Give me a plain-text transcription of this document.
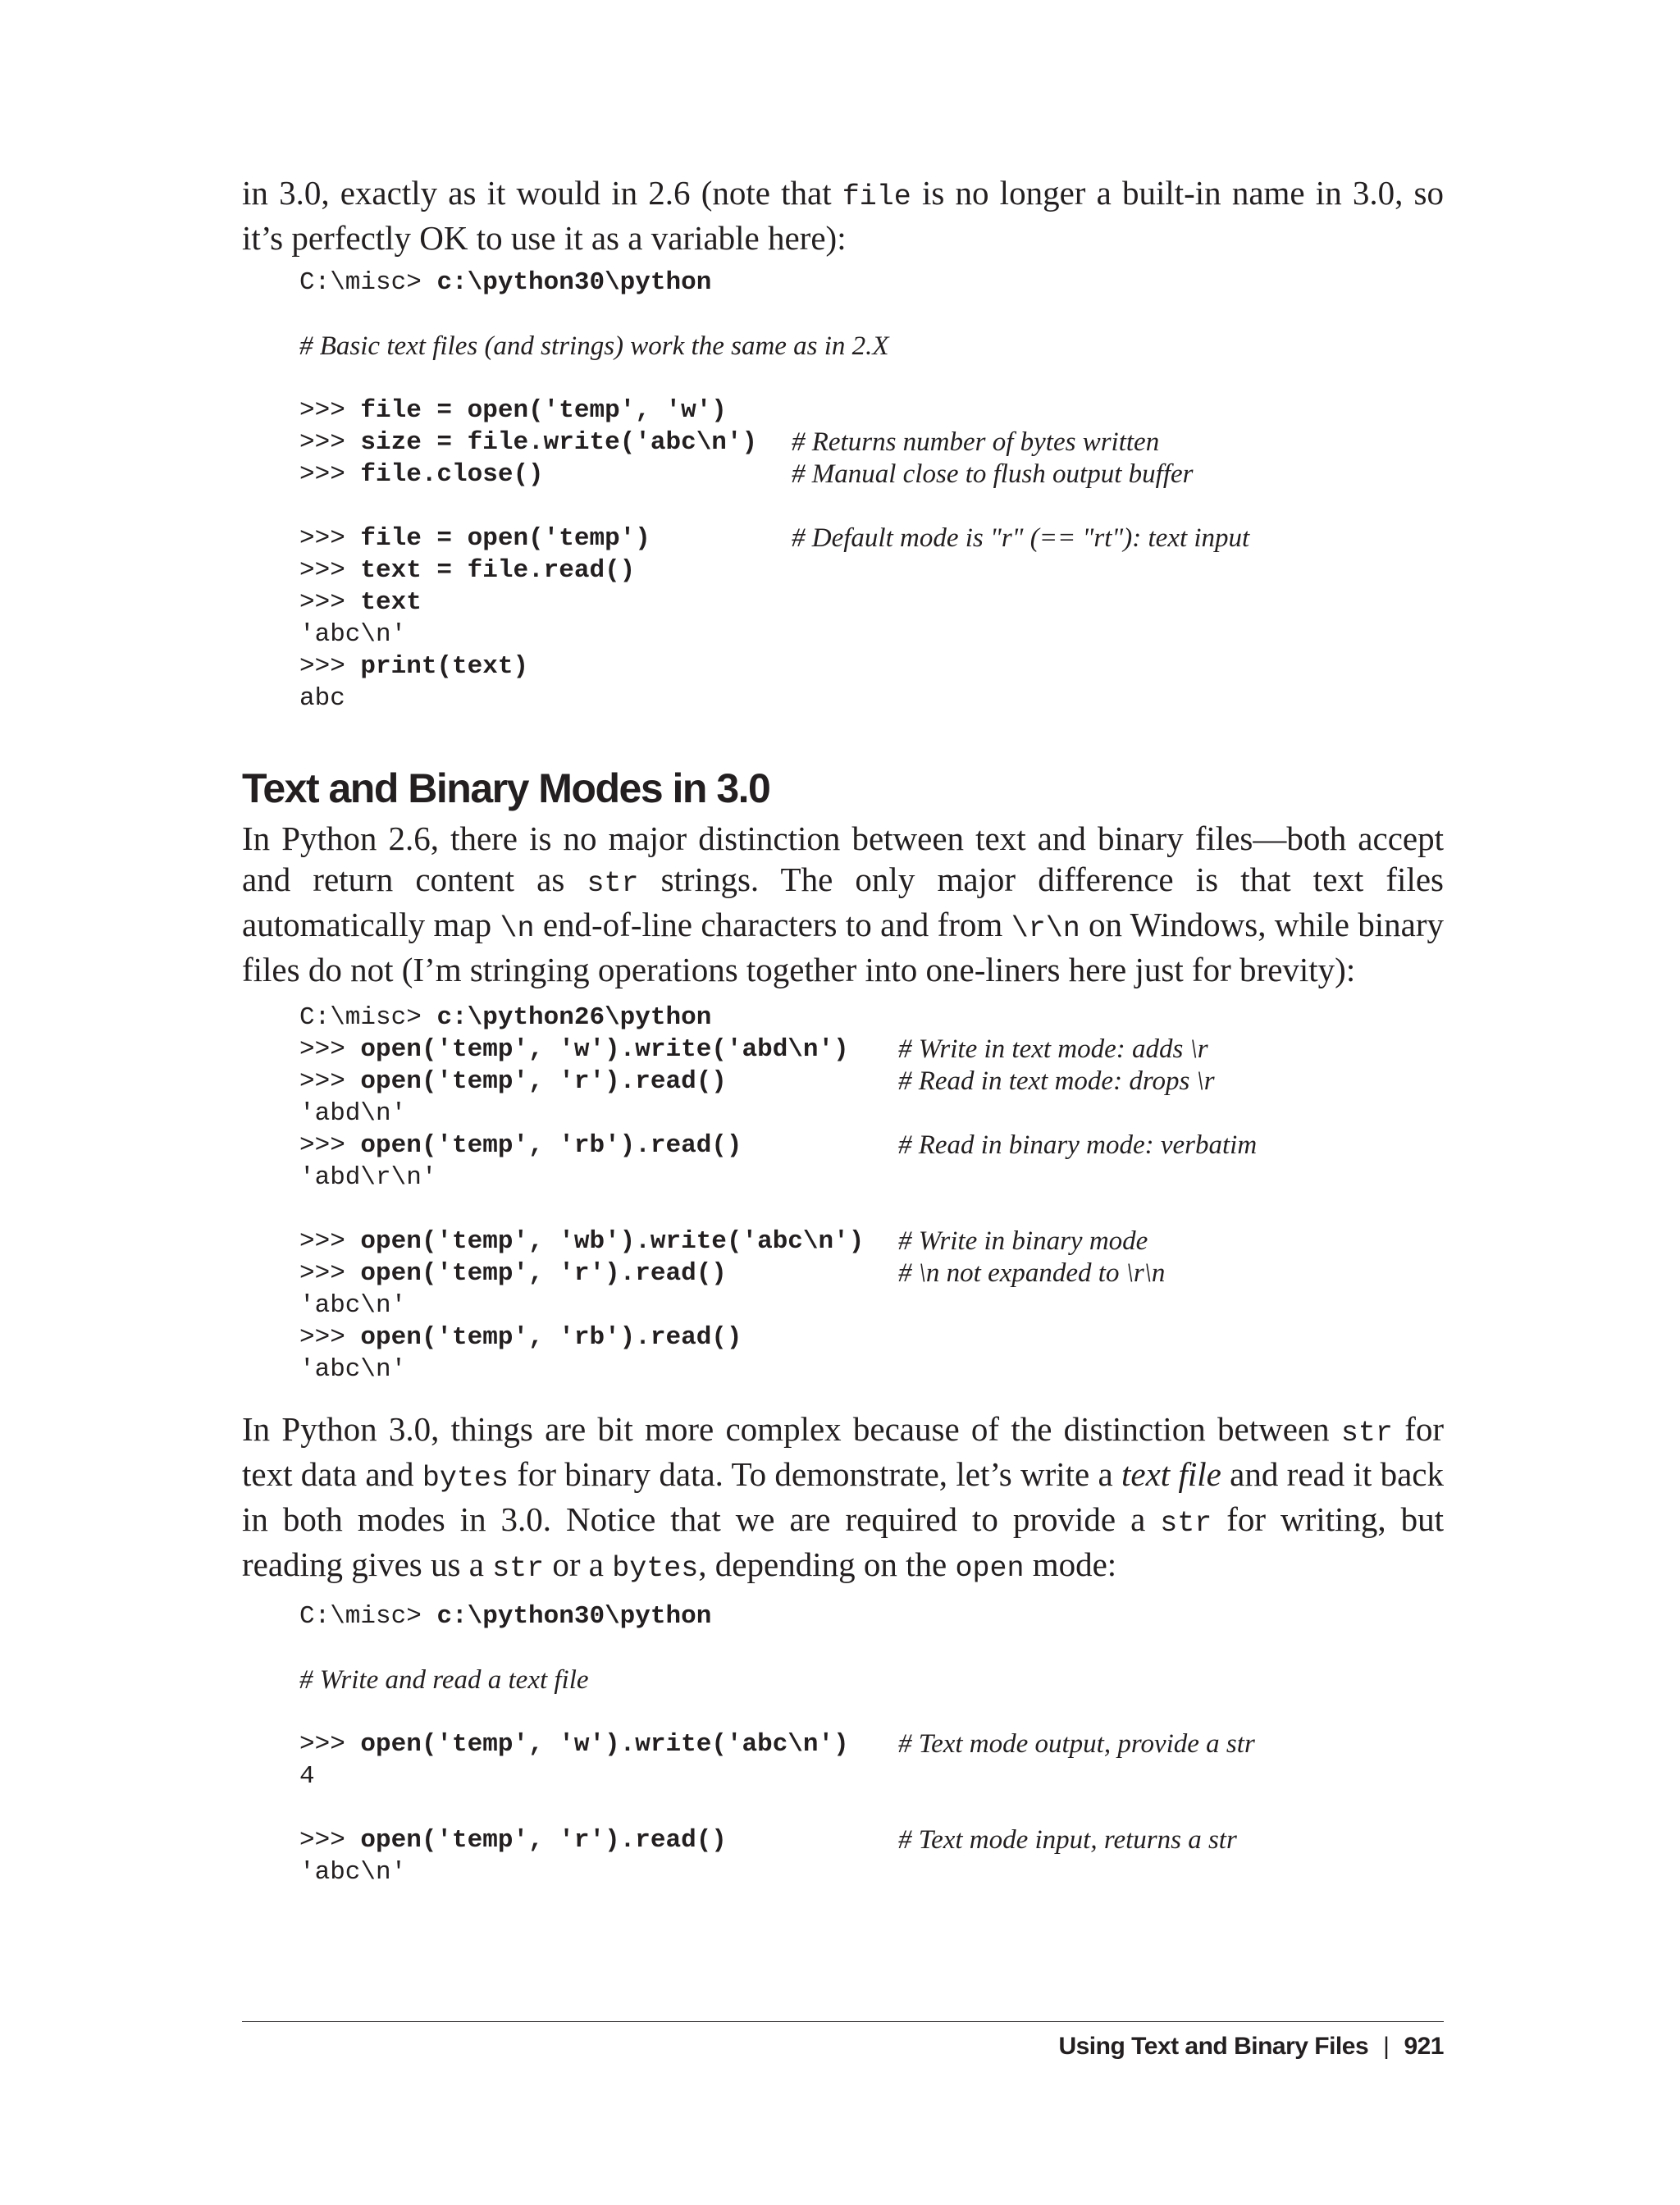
in 3.0, exactly as it would in 2.6 (note that file is no longer a built-in name in 3.0, so it’s perfectly OK to use it as a variable here):

C:\misc> c:\python30\python
# Basic text files (and strings) work the same as in 2.X
>>> file = open('temp', 'w')
>>> size = file.write('abc\n') # Returns number of bytes written
>>> file.close()	# Manual close to flush output buffer
>>> file = open('temp')	# Default mode is "r" (== "rt"): text input
>>> text = file.read()
>>> text
'abc\n'
>>> print(text)
abc
Text and Binary Modes in 3.0

In Python 2.6, there is no major distinction between text and binary files—both accept and return content as str strings. The only major difference is that text files automatically map \n end-of-line characters to and from \r\n on Windows, while binary files do not (I’m stringing operations together into one-liners here just for brevity):

C:\misc> c:\python26\python
>>> open('temp', 'w').write('abd\n') # Write in text mode: adds \r
>>> open('temp', 'r').read()	# Read in text mode: drops \r
'abd\n'
>>> open('temp', 'rb').read()	# Read in binary mode: verbatim
'abd\r\n'
>>> open('temp', 'wb').write('abc\n') # Write in binary mode
>>> open('temp', 'r').read()	# \n not expanded to \r\n
'abc\n'
>>> open('temp', 'rb').read()
'abc\n'

In Python 3.0, things are bit more complex because of the distinction between str for text data and bytes for binary data. To demonstrate, let’s write a text file and read it back in both modes in 3.0. Notice that we are required to provide a str for writing, but reading gives us a str or a bytes, depending on the open mode:

C:\misc> c:\python30\python
# Write and read a text file
>>> open('temp', 'w').write('abc\n') # Text mode output, provide a str
4
>>> open('temp', 'r').read()	# Text mode input, returns a str
'abc\n'
Using Text and Binary Files | 921
